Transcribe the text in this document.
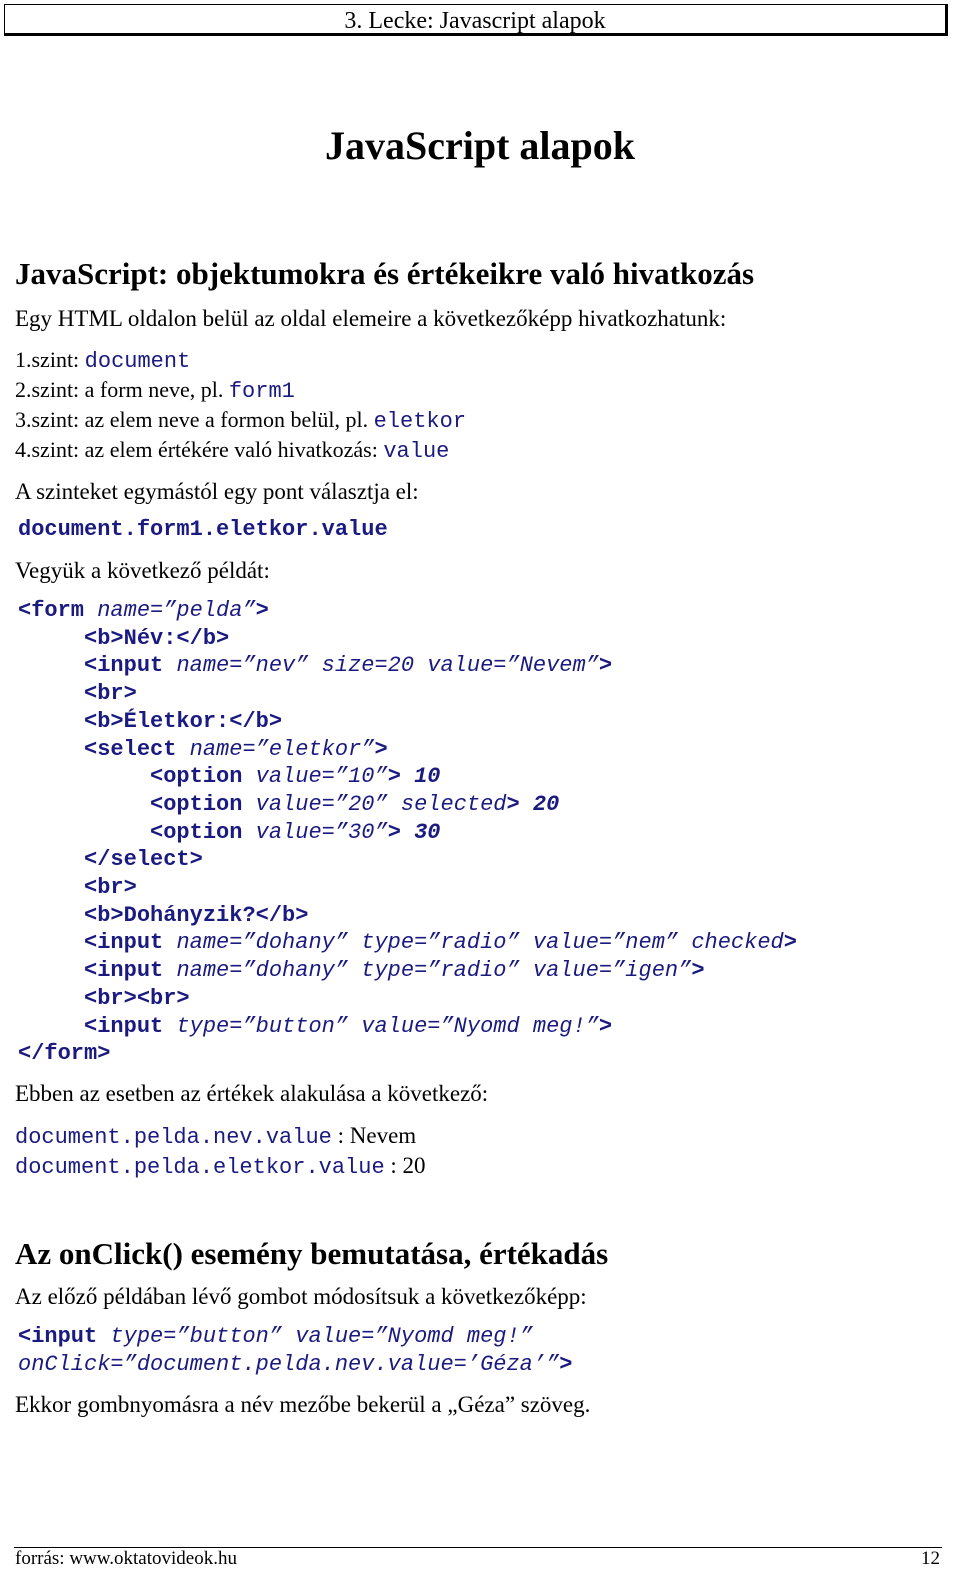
3. Lecke: Javascript alapok
JavaScript alapok
JavaScript: objektumokra és értékeikre való hivatkozás

Egy HTML oldalon belül az oldal elemeire a következőképp hivatkozhatunk:

1.szint: document

2.szint: a form neve, pl. form1

3.szint: az elem neve a formon belül, pl. eletkor

4.szint: az elem értékére való hivatkozás: value

A szinteket egymástól egy pont választja el:

document.form1.eletkor.value

Vegyük a következő példát:

<form name=”pelda”>
<b>Név:</b>
<input name=”nev” size=20 value=”Nevem”>
<br>
<b>Életkor:</b>
<select name=”eletkor”>
<option value=”10”> 10
<option value=”20” selected> 20
<option value=”30”> 30
</select>
<br>
<b>Dohányzik?</b>
<input name=”dohany” type=”radio” value=”nem” checked>
<input name=”dohany” type=”radio” value=”igen”>
<br><br>
<input type=”button” value=”Nyomd meg!”>
</form>

Ebben az esetben az értékek alakulása a következő:

document.pelda.nev.value : Nevem

document.pelda.eletkor.value : 20

Az onClick() esemény bemutatása, értékadás

Az előző példában lévő gombot módosítsuk a következőképp:

<input type=”button” value=”Nyomd meg!”
onClick=”document.pelda.nev.value=’Géza’”>

Ekkor gombnyomásra a név mezőbe bekerül a „Géza” szöveg.

forrás: www.oktatovideok.hu	12
